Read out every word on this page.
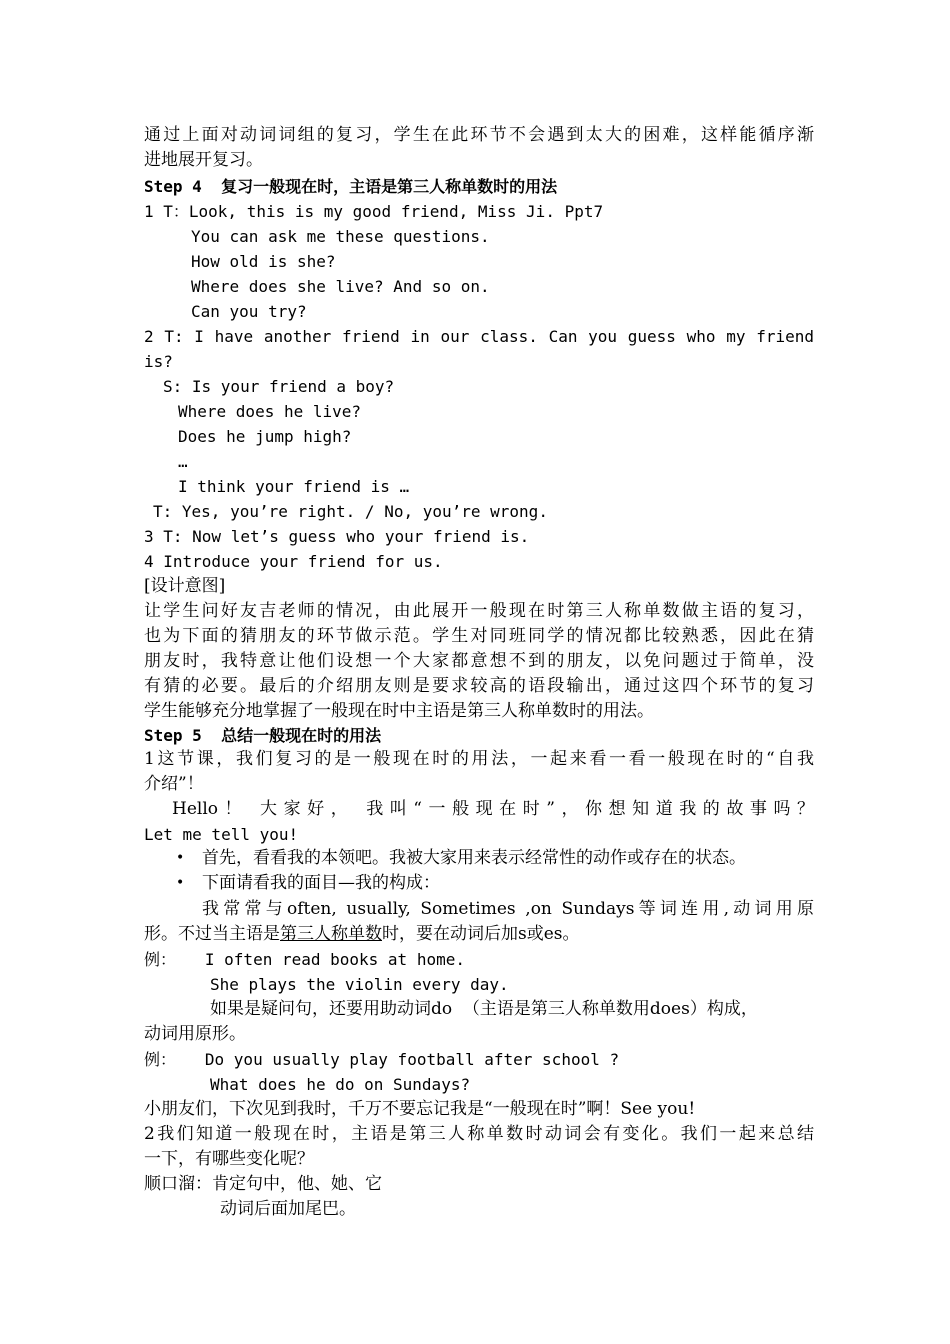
通过上面对动词词组的复习，学生在此环节不会遇到太大的困难，这样能循序渐
进地展开复习。
Step 4  复习一般现在时，主语是第三人称单数时的用法
1 T：Look, this is my good friend, Miss Ji. Ppt7
You can ask me these questions.
How old is she?
Where does she live? And so on.
Can you try?
2 T: I have another friend in our class. Can you guess who my friend
is?
S: Is your friend a boy?
Where does he live?
Does he jump high?
…
I think your friend is …
T: Yes, you’re right. / No, you’re wrong.
3 T: Now let’s guess who your friend is.
4 Introduce your friend for us.
[设计意图]
让学生问好友吉老师的情况，由此展开一般现在时第三人称单数做主语的复习，
也为下面的猜朋友的环节做示范。学生对同班同学的情况都比较熟悉，因此在猜
朋友时，我特意让他们设想一个大家都意想不到的朋友，以免问题过于简单，没
有猜的必要。最后的介绍朋友则是要求较高的语段输出，通过这四个环节的复习
学生能够充分地掌握了一般现在时中主语是第三人称单数时的用法。
Step 5  总结一般现在时的用法
1这节课，我们复习的是一般现在时的用法，一起来看一看一般现在时的“自我
介绍”！
Hello！ 大家好， 我叫“一般现在时”，你想知道我的故事吗？
Let me tell you!
•	首先，看看我的本领吧。我被大家用来表示经常性的动作或存在的状态。
•	下面请看我的面目—我的构成：
我常常与often, usually, Sometimes ,on Sundays等词连用,动词用原
形。不过当主语是第三人称单数时，要在动词后加s或es。
例：   I often read books at home.
She plays the violin every day.
如果是疑问句，还要用助动词do  （主语是第三人称单数用does）构成，
动词用原形。
例：   Do you usually play football after school ?
What does he do on Sundays?
小朋友们，下次见到我时，千万不要忘记我是“一般现在时”啊！See you!
2我们知道一般现在时，主语是第三人称单数时动词会有变化。我们一起来总结
一下，有哪些变化呢？
顺口溜：肯定句中，他、她、它
动词后面加尾巴。
